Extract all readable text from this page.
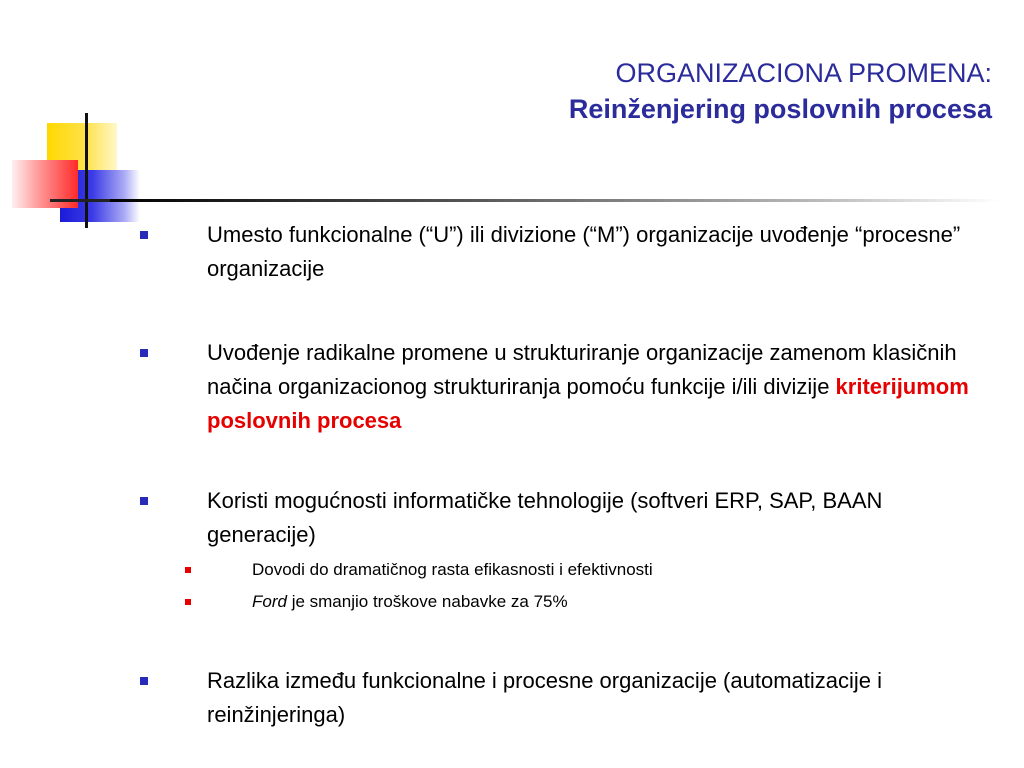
ORGANIZACIONA PROMENA:
Reinženjering poslovnih procesa
Umesto funkcionalne (“U”) ili divizione (“M”) organizacije uvođenje “procesne” organizacije
Uvođenje radikalne promene u strukturiranje organizacije zamenom klasičnih načina organizacionog strukturiranja pomoću funkcije i/ili divizije kriterijumom poslovnih procesa
Koristi mogućnosti informatičke tehnologije (softveri ERP, SAP, BAAN generacije)
Dovodi do dramatičnog rasta efikasnosti i efektivnosti
Ford je smanjio troškove nabavke za 75%
Razlika između funkcionalne i procesne organizacije (automatizacije i reinžinjeringa)
